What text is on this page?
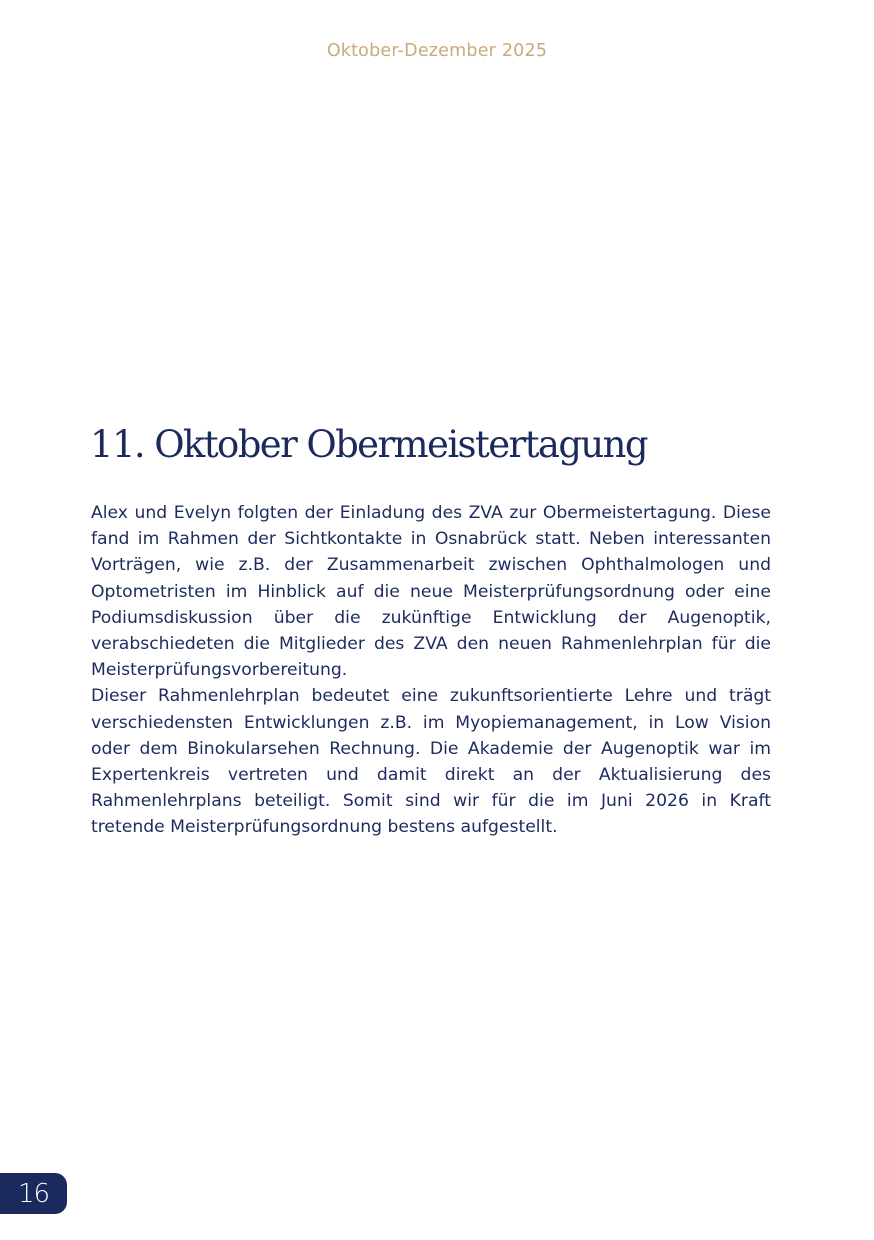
Oktober-Dezember 2025
11. Oktober Obermeistertagung

Alex und Evelyn folgten der Einladung des ZVA zur Obermeistertagung. Diese fand im Rahmen der Sichtkontakte in Osnabrück statt. Neben interessanten Vorträgen, wie z.B. der Zusammenarbeit zwischen Ophthalmologen und Optometristen im Hinblick auf die neue Meisterprüfungsordnung oder eine Podiumsdiskussion über die zukünftige Entwicklung der Augenoptik, verabschiedeten die Mitglieder des ZVA den neuen Rahmenlehrplan für die Meisterprüfungsvorbereitung.

Dieser Rahmenlehrplan bedeutet eine zukunftsorientierte Lehre und trägt verschiedensten Entwicklungen z.B. im Myopiemanagement, in Low Vision oder dem Binokularsehen Rechnung. Die Akademie der Augenoptik war im Expertenkreis vertreten und damit direkt an der Aktualisierung des Rahmenlehrplans beteiligt. Somit sind wir für die im Juni 2026 in Kraft tretende Meisterprüfungsordnung bestens aufgestellt.

16
